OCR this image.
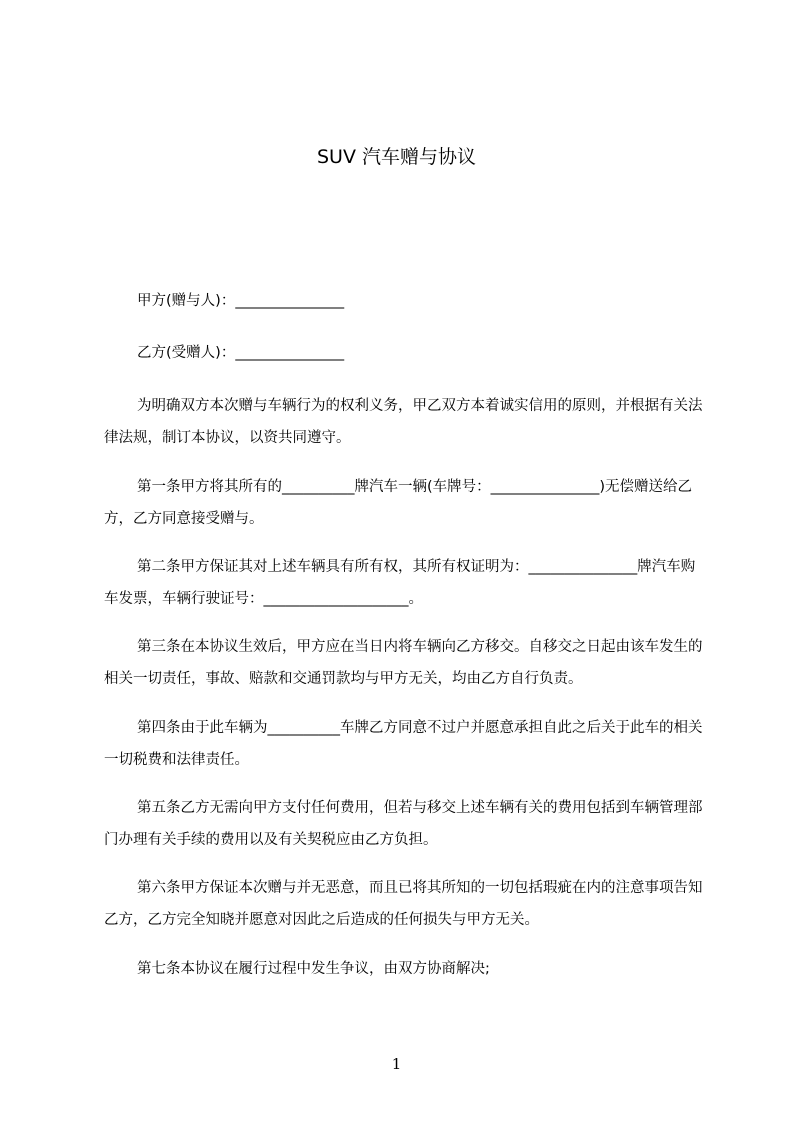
SUV 汽车赠与协议
甲方(赠与人)：_______________
乙方(受赠人)：_______________

为明确双方本次赠与车辆行为的权利义务，甲乙双方本着诚实信用的原则，并根据有关法律法规，制订本协议，以资共同遵守。

第一条甲方将其所有的__________牌汽车一辆(车牌号：_______________)无偿赠送给乙方，乙方同意接受赠与。

第二条甲方保证其对上述车辆具有所有权，其所有权证明为：_______________牌汽车购车发票，车辆行驶证号：____________________。

第三条在本协议生效后，甲方应在当日内将车辆向乙方移交。自移交之日起由该车发生的相关一切责任，事故、赔款和交通罚款均与甲方无关，均由乙方自行负责。

第四条由于此车辆为__________车牌乙方同意不过户并愿意承担自此之后关于此车的相关一切税费和法律责任。

第五条乙方无需向甲方支付任何费用，但若与移交上述车辆有关的费用包括到车辆管理部门办理有关手续的费用以及有关契税应由乙方负担。

第六条甲方保证本次赠与并无恶意，而且已将其所知的一切包括瑕疵在内的注意事项告知乙方，乙方完全知晓并愿意对因此之后造成的任何损失与甲方无关。

第七条本协议在履行过程中发生争议，由双方协商解决;

1
